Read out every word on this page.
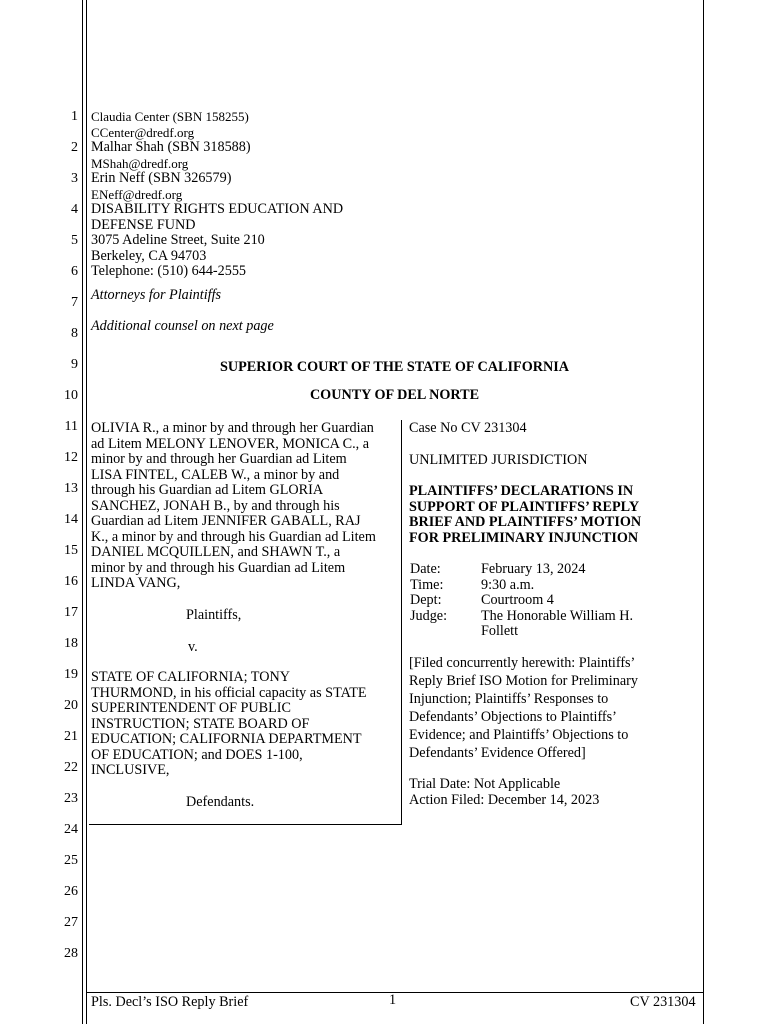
1
2
3
4
5
6
7
8
9
10
11
12
13
14
15
16
17
18
19
20
21
22
23
24
25
26
27
28
Claudia Center (SBN 158255)
CCenter@dredf.org
Malhar Shah (SBN 318588)
MShah@dredf.org
Erin Neff (SBN 326579)
ENeff@dredf.org
DISABILITY RIGHTS EDUCATION AND
DEFENSE FUND
3075 Adeline Street, Suite 210
Berkeley, CA 94703
Telephone: (510) 644-2555
Attorneys for Plaintiffs
Additional counsel on next page
SUPERIOR COURT OF THE STATE OF CALIFORNIA
COUNTY OF DEL NORTE
OLIVIA R., a minor by and through her Guardian
ad Litem MELONY LENOVER, MONICA C., a
minor by and through her Guardian ad Litem
LISA FINTEL, CALEB W., a minor by and
through his Guardian ad Litem GLORIA
SANCHEZ, JONAH B., by and through his
Guardian ad Litem JENNIFER GABALL, RAJ
K., a minor by and through his Guardian ad Litem
DANIEL MCQUILLEN, and SHAWN T., a
minor by and through his Guardian ad Litem
LINDA VANG,
Plaintiffs,
v.
STATE OF CALIFORNIA; TONY
THURMOND, in his official capacity as STATE
SUPERINTENDENT OF PUBLIC
INSTRUCTION; STATE BOARD OF
EDUCATION; CALIFORNIA DEPARTMENT
OF EDUCATION; and DOES 1-100,
INCLUSIVE,
Defendants.
Case No CV 231304
UNLIMITED JURISDICTION
PLAINTIFFS’ DECLARATIONS IN
SUPPORT OF PLAINTIFFS’ REPLY
BRIEF AND PLAINTIFFS’ MOTION
FOR PRELIMINARY INJUNCTION
Date:	February 13, 2024
Time:	9:30 a.m.
Dept:	Courtroom 4
Judge:	The Honorable William H.
Follett
[Filed concurrently herewith: Plaintiffs’
Reply Brief ISO Motion for Preliminary
Injunction; Plaintiffs’ Responses to
Defendants’ Objections to Plaintiffs’
Evidence; and Plaintiffs’ Objections to
Defendants’ Evidence Offered]
Trial Date: Not Applicable
Action Filed: December 14, 2023
Pls. Decl’s ISO Reply Brief	1	CV 231304
